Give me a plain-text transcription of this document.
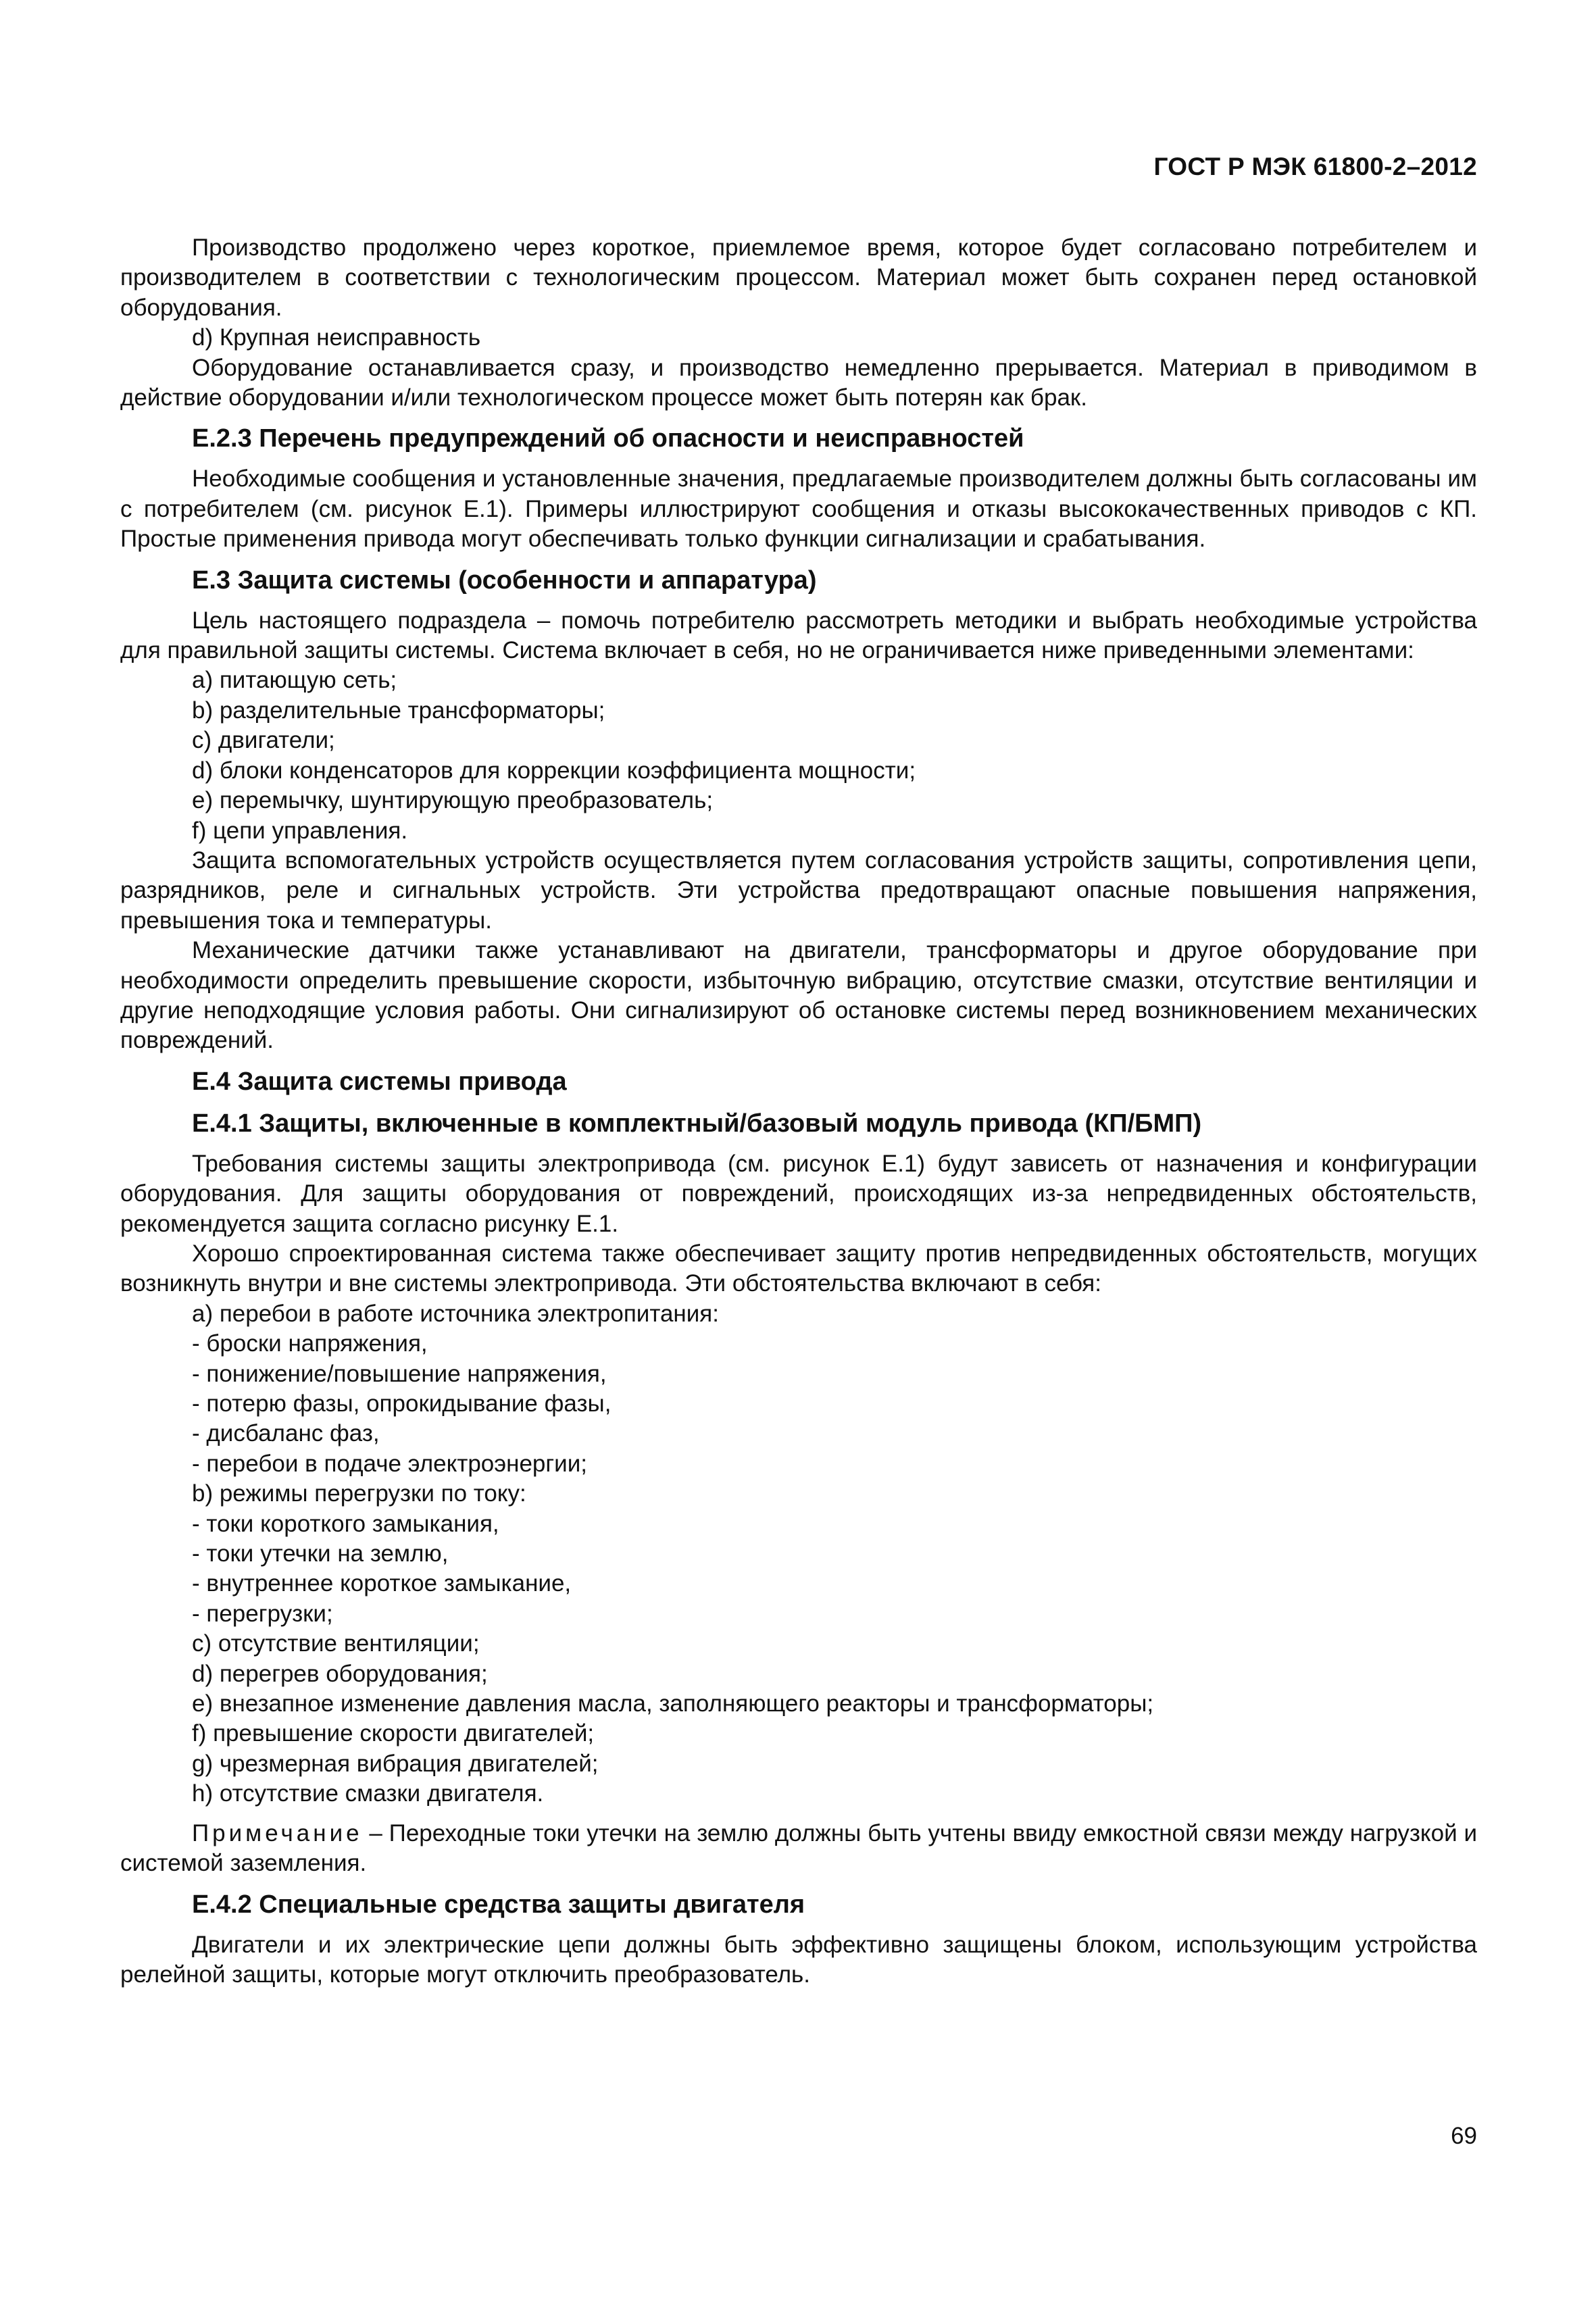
ГОСТ Р МЭК 61800-2–2012

Производство продолжено через короткое, приемлемое время, которое будет согласовано потребителем и производителем в соответствии с технологическим процессом. Материал может быть сохранен перед остановкой оборудования.

d) Крупная неисправность

Оборудование останавливается сразу, и производство немедленно прерывается. Материал в приводимом в действие оборудовании и/или технологическом процессе может быть потерян как брак.

Е.2.3 Перечень предупреждений об опасности и неисправностей

Необходимые сообщения и установленные значения, предлагаемые производителем должны быть согласованы им с потребителем (см. рисунок Е.1). Примеры иллюстрируют сообщения и отказы высококачественных приводов с КП. Простые применения привода могут обеспечивать только функции сигнализации и срабатывания.

Е.3 Защита системы (особенности и аппаратура)

Цель настоящего подраздела – помочь потребителю рассмотреть методики и выбрать необходимые устройства для правильной защиты системы. Система включает в себя, но не ограничивается ниже приведенными элементами:

а) питающую сеть;

b) разделительные трансформаторы;

c) двигатели;

d) блоки конденсаторов для коррекции коэффициента мощности;

e) перемычку, шунтирующую преобразователь;

f) цепи управления.

Защита вспомогательных устройств осуществляется путем согласования устройств защиты, сопротивления цепи, разрядников, реле и сигнальных устройств. Эти устройства предотвращают опасные повышения напряжения, превышения тока и температуры.

Механические датчики также устанавливают на двигатели, трансформаторы и другое оборудование при необходимости определить превышение скорости, избыточную вибрацию, отсутствие смазки, отсутствие вентиляции и другие неподходящие условия работы. Они сигнализируют об остановке системы перед возникновением механических повреждений.

Е.4 Защита системы привода
Е.4.1 Защиты, включенные в комплектный/базовый модуль привода (КП/БМП)

Требования системы защиты электропривода (см. рисунок Е.1) будут зависеть от назначения и конфигурации оборудования. Для защиты оборудования от повреждений, происходящих из-за непредвиденных обстоятельств, рекомендуется защита согласно рисунку Е.1.

Хорошо спроектированная система также обеспечивает защиту против непредвиденных обстоятельств, могущих возникнуть внутри и вне системы электропривода. Эти обстоятельства включают в себя:

a) перебои в работе источника электропитания:

- броски напряжения,

- понижение/повышение напряжения,

- потерю фазы, опрокидывание фазы,

- дисбаланс фаз,

- перебои в подаче электроэнергии;

b) режимы перегрузки по току:

- токи короткого замыкания,

- токи утечки на землю,

- внутреннее короткое замыкание,

- перегрузки;

c) отсутствие вентиляции;

d) перегрев оборудования;

e) внезапное изменение давления масла, заполняющего реакторы и трансформаторы;

f) превышение скорости двигателей;

g) чрезмерная вибрация двигателей;

h) отсутствие смазки двигателя.

Примечание – Переходные токи утечки на землю должны быть учтены ввиду емкостной связи между нагрузкой и системой заземления.

Е.4.2 Специальные средства защиты двигателя

Двигатели и их электрические цепи должны быть эффективно защищены блоком, использующим устройства релейной защиты, которые могут отключить преобразователь.

69
